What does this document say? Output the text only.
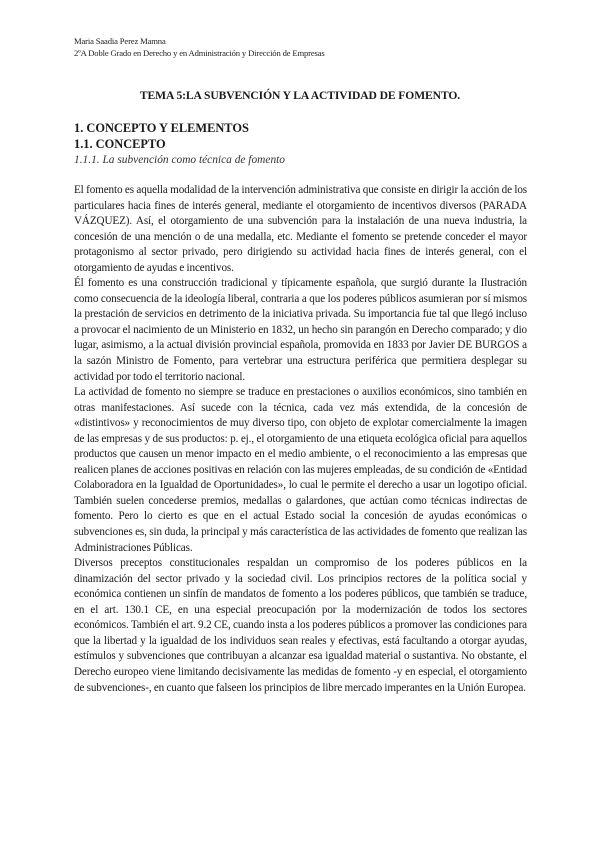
Maria Saadia Perez Mamna
2ºA Doble Grado en Derecho y en Administración y Dirección de Empresas
TEMA 5:LA SUBVENCIÓN Y LA ACTIVIDAD DE FOMENTO.
1. CONCEPTO Y ELEMENTOS
1.1. CONCEPTO
1.1.1. La subvención como técnica de fomento

El fomento es aquella modalidad de la intervención administrativa que consiste en dirigir la acción de los particulares hacia fines de interés general, mediante el otorgamiento de incentivos diversos (PARADA VÁZQUEZ). Así, el otorgamiento de una subvención para la instalación de una nueva industria, la concesión de una mención o de una medalla, etc. Mediante el fomento se pretende conceder el mayor protagonismo al sector privado, pero dirigiendo su actividad hacia fines de interés general, con el otorgamiento de ayudas e incentivos.

Él fomento es una construcción tradicional y típicamente española, que surgió durante la Ilustración como consecuencia de la ideología liberal, contraria a que los poderes públicos asumieran por sí mismos la prestación de servicios en detrimento de la iniciativa privada. Su importancia fue tal que llegó incluso a provocar el nacimiento de un Ministerio en 1832, un hecho sin parangón en Derecho comparado; y dio lugar, asimismo, a la actual división provincial española, promovida en 1833 por Javier DE BURGOS a la sazón Ministro de Fomento, para vertebrar una estructura periférica que permitiera desplegar su actividad por todo el territorio nacional.

La actividad de fomento no siempre se traduce en prestaciones o auxilios económicos, sino también en otras manifestaciones. Así sucede con la técnica, cada vez más extendida, de la concesión de «distintivos» y reconocimientos de muy diverso tipo, con objeto de explotar comercialmente la imagen de las empresas y de sus productos: p. ej., el otorgamiento de una etiqueta ecológica oficial para aquellos productos que causen un menor impacto en el medio ambiente, o el reconocimiento a las empresas que realicen planes de acciones positivas en relación con las mujeres empleadas, de su condición de «Entidad Colaboradora en la Igualdad de Oportunidades», lo cual le permite el derecho a usar un logotipo oficial. También suelen concederse premios, medallas o galardones, que actúan como técnicas indirectas de fomento. Pero lo cierto es que en el actual Estado social la concesión de ayudas económicas o subvenciones es, sin duda, la principal y más característica de las actividades de fomento que realizan las Administraciones Públicas.

Diversos preceptos constitucionales respaldan un compromiso de los poderes públicos en la dinamización del sector privado y la sociedad civil. Los principios rectores de la política social y económica contienen un sinfín de mandatos de fomento a los poderes públicos, que también se traduce, en el art. 130.1 CE, en una especial preocupación por la modernización de todos los sectores económicos. También el art. 9.2 CE, cuando insta a los poderes públicos a promover las condiciones para que la libertad y la igualdad de los individuos sean reales y efectivas, está facultando a otorgar ayudas, estímulos y subvenciones que contribuyan a alcanzar esa igualdad material o sustantiva. No obstante, el Derecho europeo viene limitando decisivamente las medidas de fomento -y en especial, el otorgamiento de subvenciones-, en cuanto que falseen los principios de libre mercado imperantes en la Unión Europea.
